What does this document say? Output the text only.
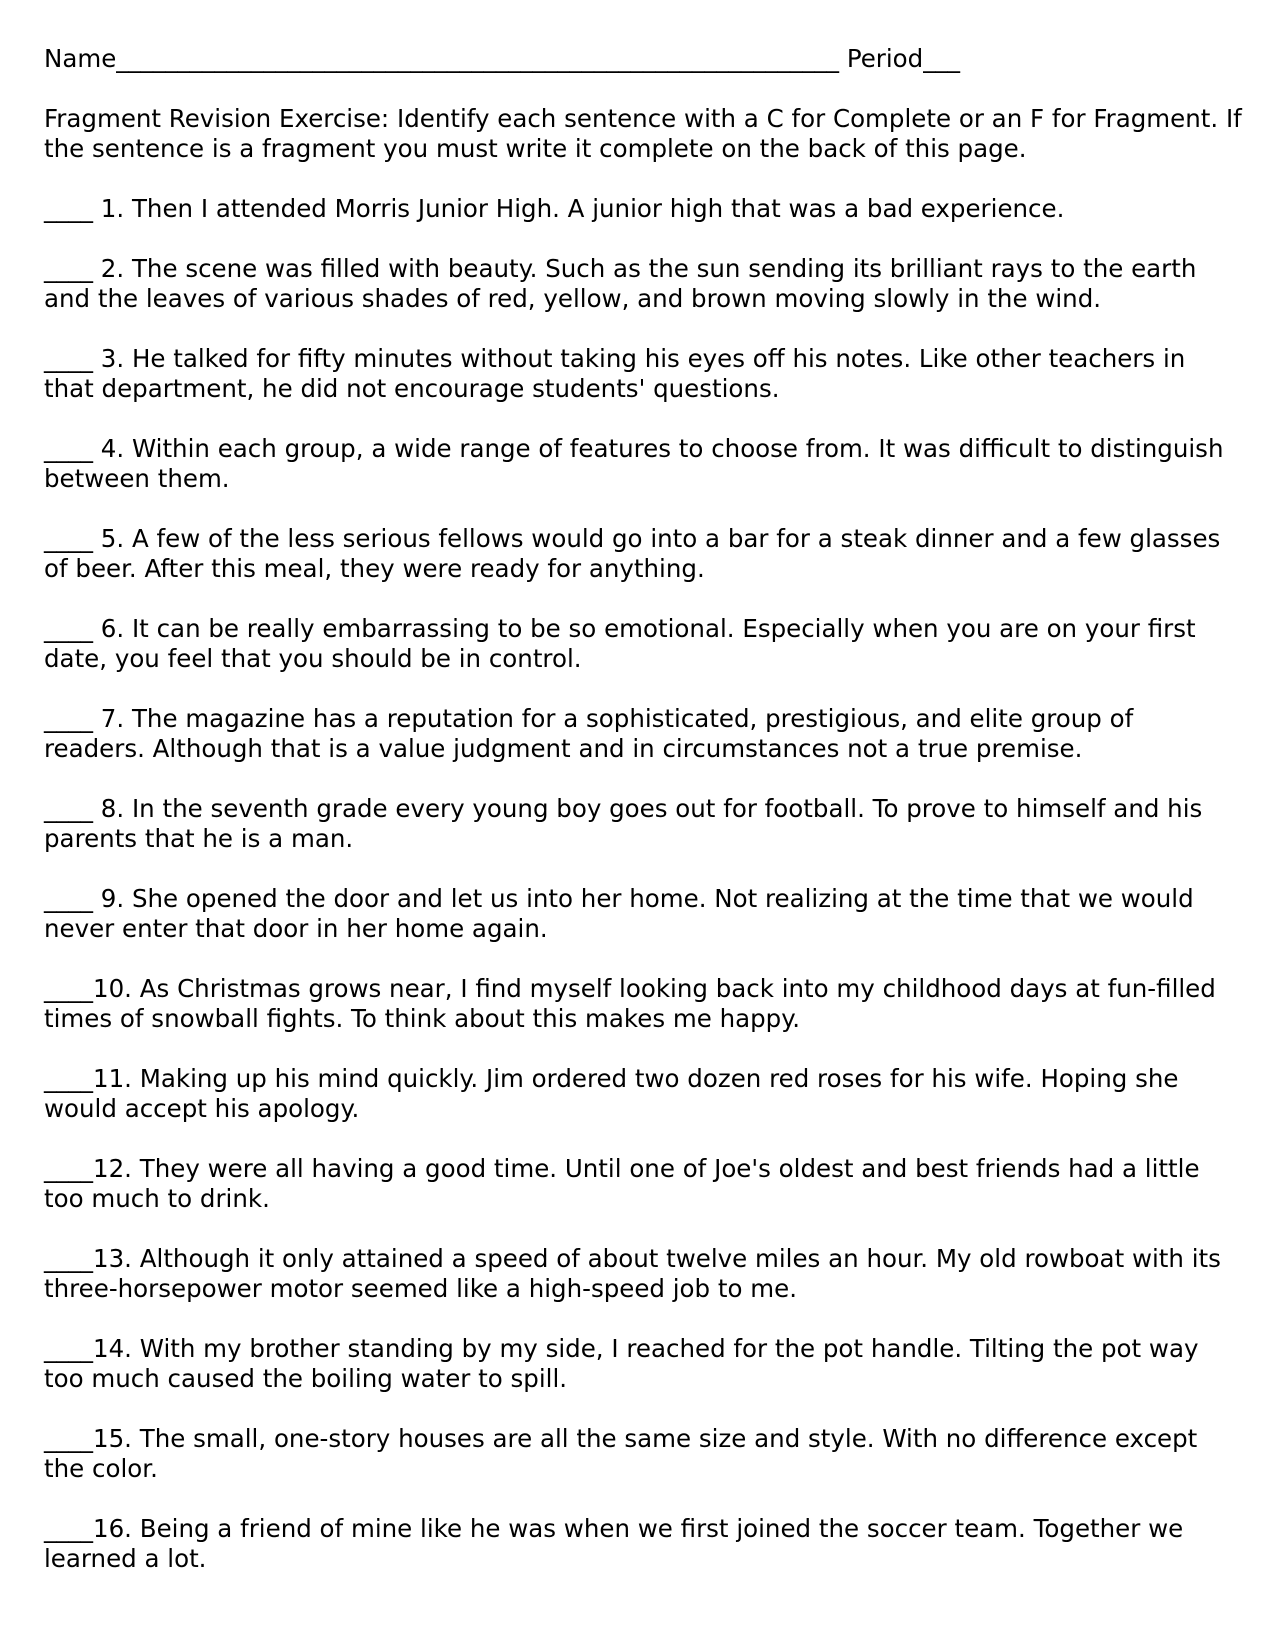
Name___________________________________________________________ Period___
Fragment Revision Exercise: Identify each sentence with a C for Complete or an F for Fragment. If the sentence is a fragment you must write it complete on the back of this page.
____ 1. Then I attended Morris Junior High. A junior high that was a bad experience.
____ 2. The scene was filled with beauty. Such as the sun sending its brilliant rays to the earth and the leaves of various shades of red, yellow, and brown moving slowly in the wind.
____ 3. He talked for fifty minutes without taking his eyes off his notes. Like other teachers in that department, he did not encourage students' questions.
____ 4. Within each group, a wide range of features to choose from. It was difficult to distinguish between them.
____ 5. A few of the less serious fellows would go into a bar for a steak dinner and a few glasses of beer. After this meal, they were ready for anything.
____ 6. It can be really embarrassing to be so emotional. Especially when you are on your first date, you feel that you should be in control.
____ 7. The magazine has a reputation for a sophisticated, prestigious, and elite group of readers. Although that is a value judgment and in circumstances not a true premise.
____ 8. In the seventh grade every young boy goes out for football. To prove to himself and his parents that he is a man.
____ 9. She opened the door and let us into her home. Not realizing at the time that we would never enter that door in her home again.
____10. As Christmas grows near, I find myself looking back into my childhood days at fun-filled times of snowball fights. To think about this makes me happy.
____11. Making up his mind quickly. Jim ordered two dozen red roses for his wife. Hoping she would accept his apology.
____12. They were all having a good time. Until one of Joe's oldest and best friends had a little too much to drink.
____13. Although it only attained a speed of about twelve miles an hour. My old rowboat with its three-horsepower motor seemed like a high-speed job to me.
____14. With my brother standing by my side, I reached for the pot handle. Tilting the pot way too much caused the boiling water to spill.
____15. The small, one-story houses are all the same size and style. With no difference except the color.
____16. Being a friend of mine like he was when we first joined the soccer team. Together we learned a lot.
